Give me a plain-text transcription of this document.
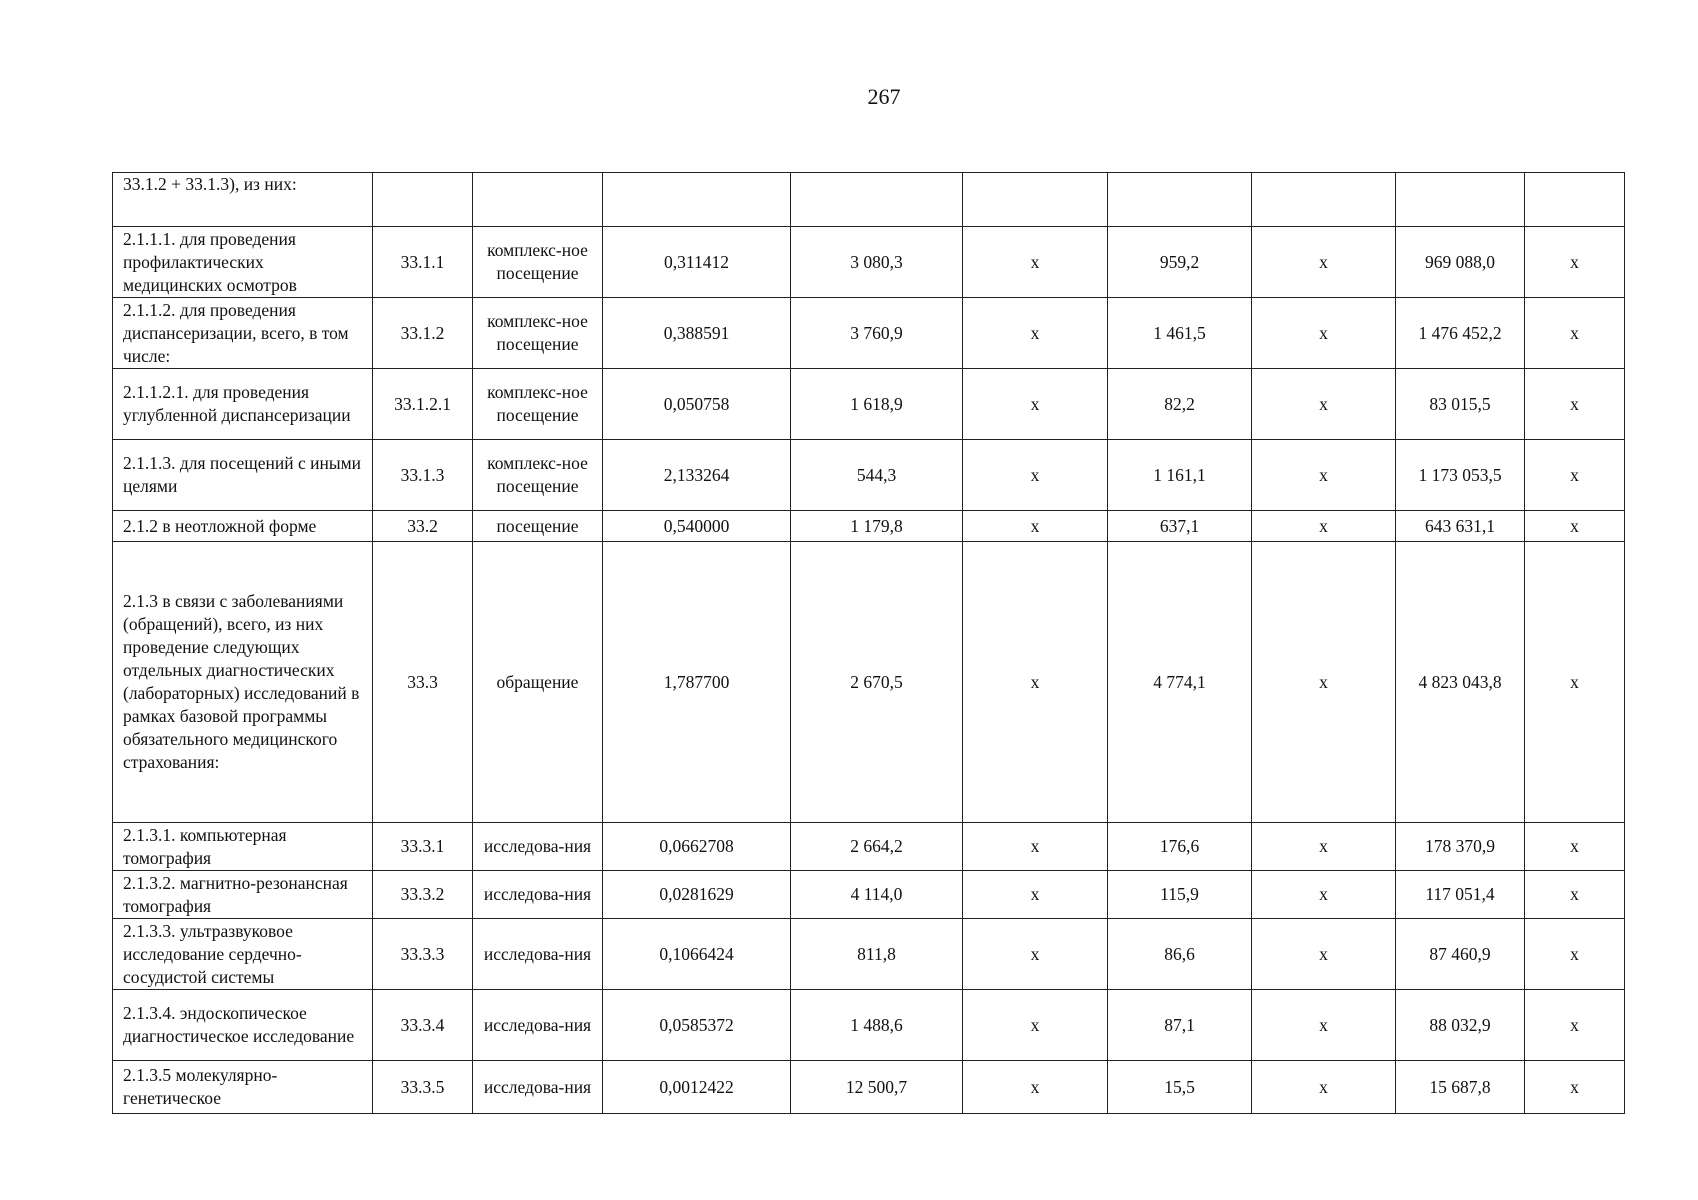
267
33.1.2 + 33.1.3), из них:									
2.1.1.1. для проведения профилактических медицинских осмотров	33.1.1	комплекс-ное посещение	0,311412	3 080,3	х	959,2	х	969 088,0	х
2.1.1.2. для проведения диспансеризации, всего, в том числе:	33.1.2	комплекс-ное посещение	0,388591	3 760,9	х	1 461,5	х	1 476 452,2	х
2.1.1.2.1. для проведения углубленной диспансеризации	33.1.2.1	комплекс-ное посещение	0,050758	1 618,9	х	82,2	х	83 015,5	х
2.1.1.3. для посещений с иными целями	33.1.3	комплекс-ное посещение	2,133264	544,3	х	1 161,1	х	1 173 053,5	х
2.1.2 в неотложной форме	33.2	посещение	0,540000	1 179,8	х	637,1	х	643 631,1	х
2.1.3 в связи с заболеваниями (обращений), всего, из них проведение следующих отдельных диагностических (лабораторных) исследований в рамках базовой программы обязательного медицинского страхования:	33.3	обращение	1,787700	2 670,5	х	4 774,1	х	4 823 043,8	х
2.1.3.1. компьютерная томография	33.3.1	исследова-ния	0,0662708	2 664,2	х	176,6	х	178 370,9	х
2.1.3.2. магнитно-резонансная томография	33.3.2	исследова-ния	0,0281629	4 114,0	х	115,9	х	117 051,4	х
2.1.3.3. ультразвуковое исследование сердечно-сосудистой системы	33.3.3	исследова-ния	0,1066424	811,8	х	86,6	х	87 460,9	х
2.1.3.4. эндоскопическое диагностическое исследование	33.3.4	исследова-ния	0,0585372	1 488,6	х	87,1	х	88 032,9	х
2.1.3.5 молекулярно-генетическое	33.3.5	исследова-ния	0,0012422	12 500,7	х	15,5	х	15 687,8	х
